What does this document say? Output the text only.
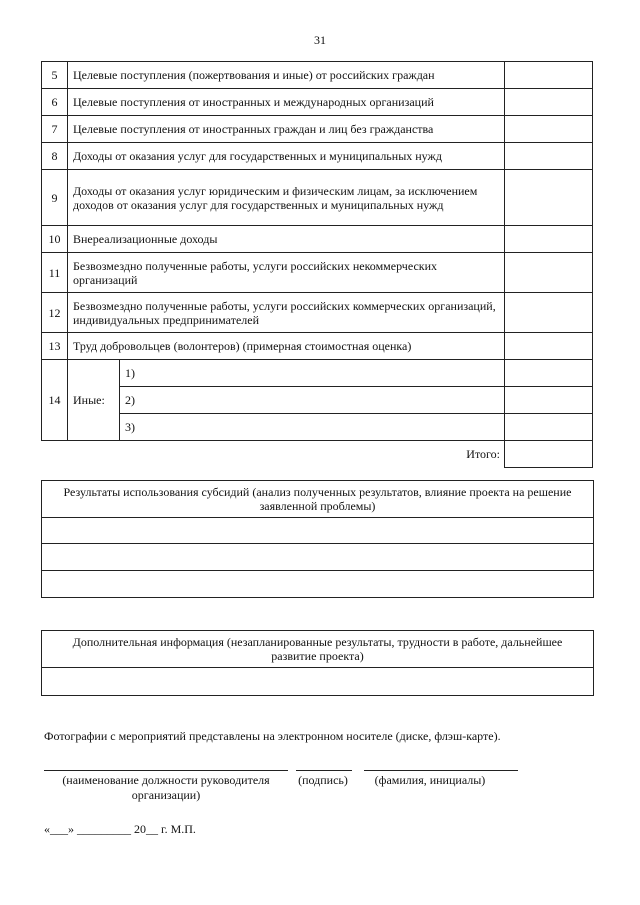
31
5	Целевые поступления (пожертвования и иные) от российских граждан		
6	Целевые поступления от иностранных и международных организаций		
7	Целевые поступления от иностранных граждан и лиц без гражданства		
8	Доходы от оказания услуг для государственных и муниципальных нужд		
9	Доходы от оказания услуг юридическим и физическим лицам, за исключением доходов от оказания услуг для государственных и муниципальных нужд		
10	Внереализационные доходы		
11	Безвозмездно полученные работы, услуги российских некоммерческих организаций		
12	Безвозмездно полученные работы, услуги российских коммерческих организаций, индивидуальных предпринимателей		
13	Труд добровольцев (волонтеров) (примерная стоимостная оценка)		
14	Иные:	1)	
		2)	
		3)	
Итого:			
Результаты использования субсидий (анализ полученных результатов, влияние проекта на решение заявленной проблемы)
Дополнительная информация (незапланированные результаты, трудности в работе, дальнейшее развитие проекта)
Фотографии с мероприятий представлены на электронном носителе (диске, флэш-карте).
(наименование должности руководителя организации)
(подпись)	(фамилия, инициалы)
«___» _________ 20__ г. М.П.
